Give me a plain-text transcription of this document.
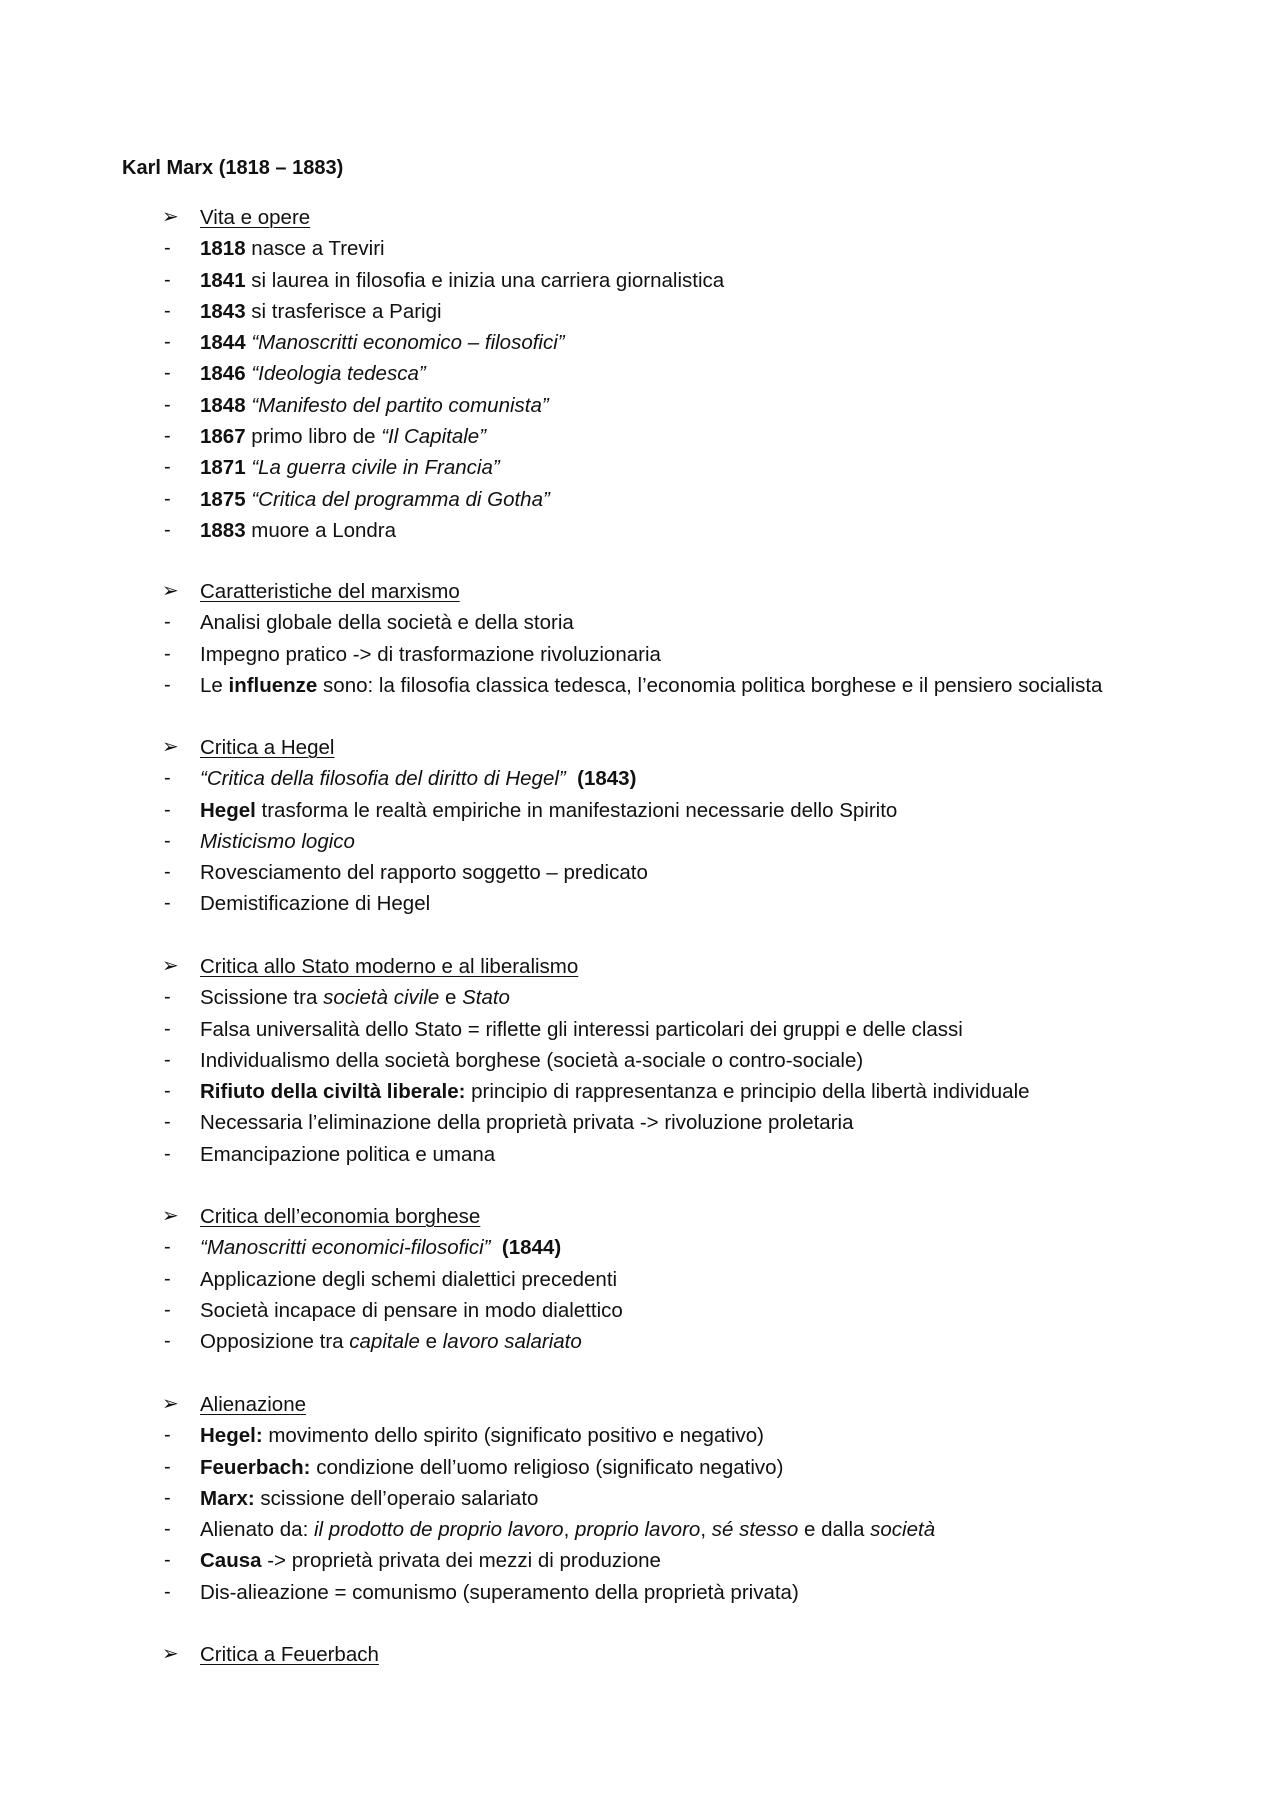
Karl Marx (1818 – 1883)
➢ Vita e opere
- 1818 nasce a Treviri
- 1841 si laurea in filosofia e inizia una carriera giornalistica
- 1843 si trasferisce a Parigi
- 1844 “Manoscritti economico – filosofici”
- 1846 “Ideologia tedesca”
- 1848 “Manifesto del partito comunista”
- 1867 primo libro de “Il Capitale”
- 1871 “La guerra civile in Francia”
- 1875 “Critica del programma di Gotha”
- 1883 muore a Londra
➢ Caratteristiche del marxismo
- Analisi globale della società e della storia
- Impegno pratico -> di trasformazione rivoluzionaria
- Le influenze sono: la filosofia classica tedesca, l’economia politica borghese e il pensiero socialista
➢ Critica a Hegel
- “Critica della filosofia del diritto di Hegel” (1843)
- Hegel trasforma le realtà empiriche in manifestazioni necessarie dello Spirito
- Misticismo logico
- Rovesciamento del rapporto soggetto – predicato
- Demistificazione di Hegel
➢ Critica allo Stato moderno e al liberalismo
- Scissione tra società civile e Stato
- Falsa universalità dello Stato = riflette gli interessi particolari dei gruppi e delle classi
- Individualismo della società borghese (società a-sociale o contro-sociale)
- Rifiuto della civiltà liberale: principio di rappresentanza e principio della libertà individuale
- Necessaria l’eliminazione della proprietà privata -> rivoluzione proletaria
- Emancipazione politica e umana
➢ Critica dell’economia borghese
- “Manoscritti economici-filosofici” (1844)
- Applicazione degli schemi dialettici precedenti
- Società incapace di pensare in modo dialettico
- Opposizione tra capitale e lavoro salariato
➢ Alienazione
- Hegel: movimento dello spirito (significato positivo e negativo)
- Feuerbach: condizione dell’uomo religioso (significato negativo)
- Marx: scissione dell’operaio salariato
- Alienato da: il prodotto de proprio lavoro, proprio lavoro, sé stesso e dalla società
- Causa -> proprietà privata dei mezzi di produzione
- Dis-alieazione = comunismo (superamento della proprietà privata)
➢ Critica a Feuerbach
